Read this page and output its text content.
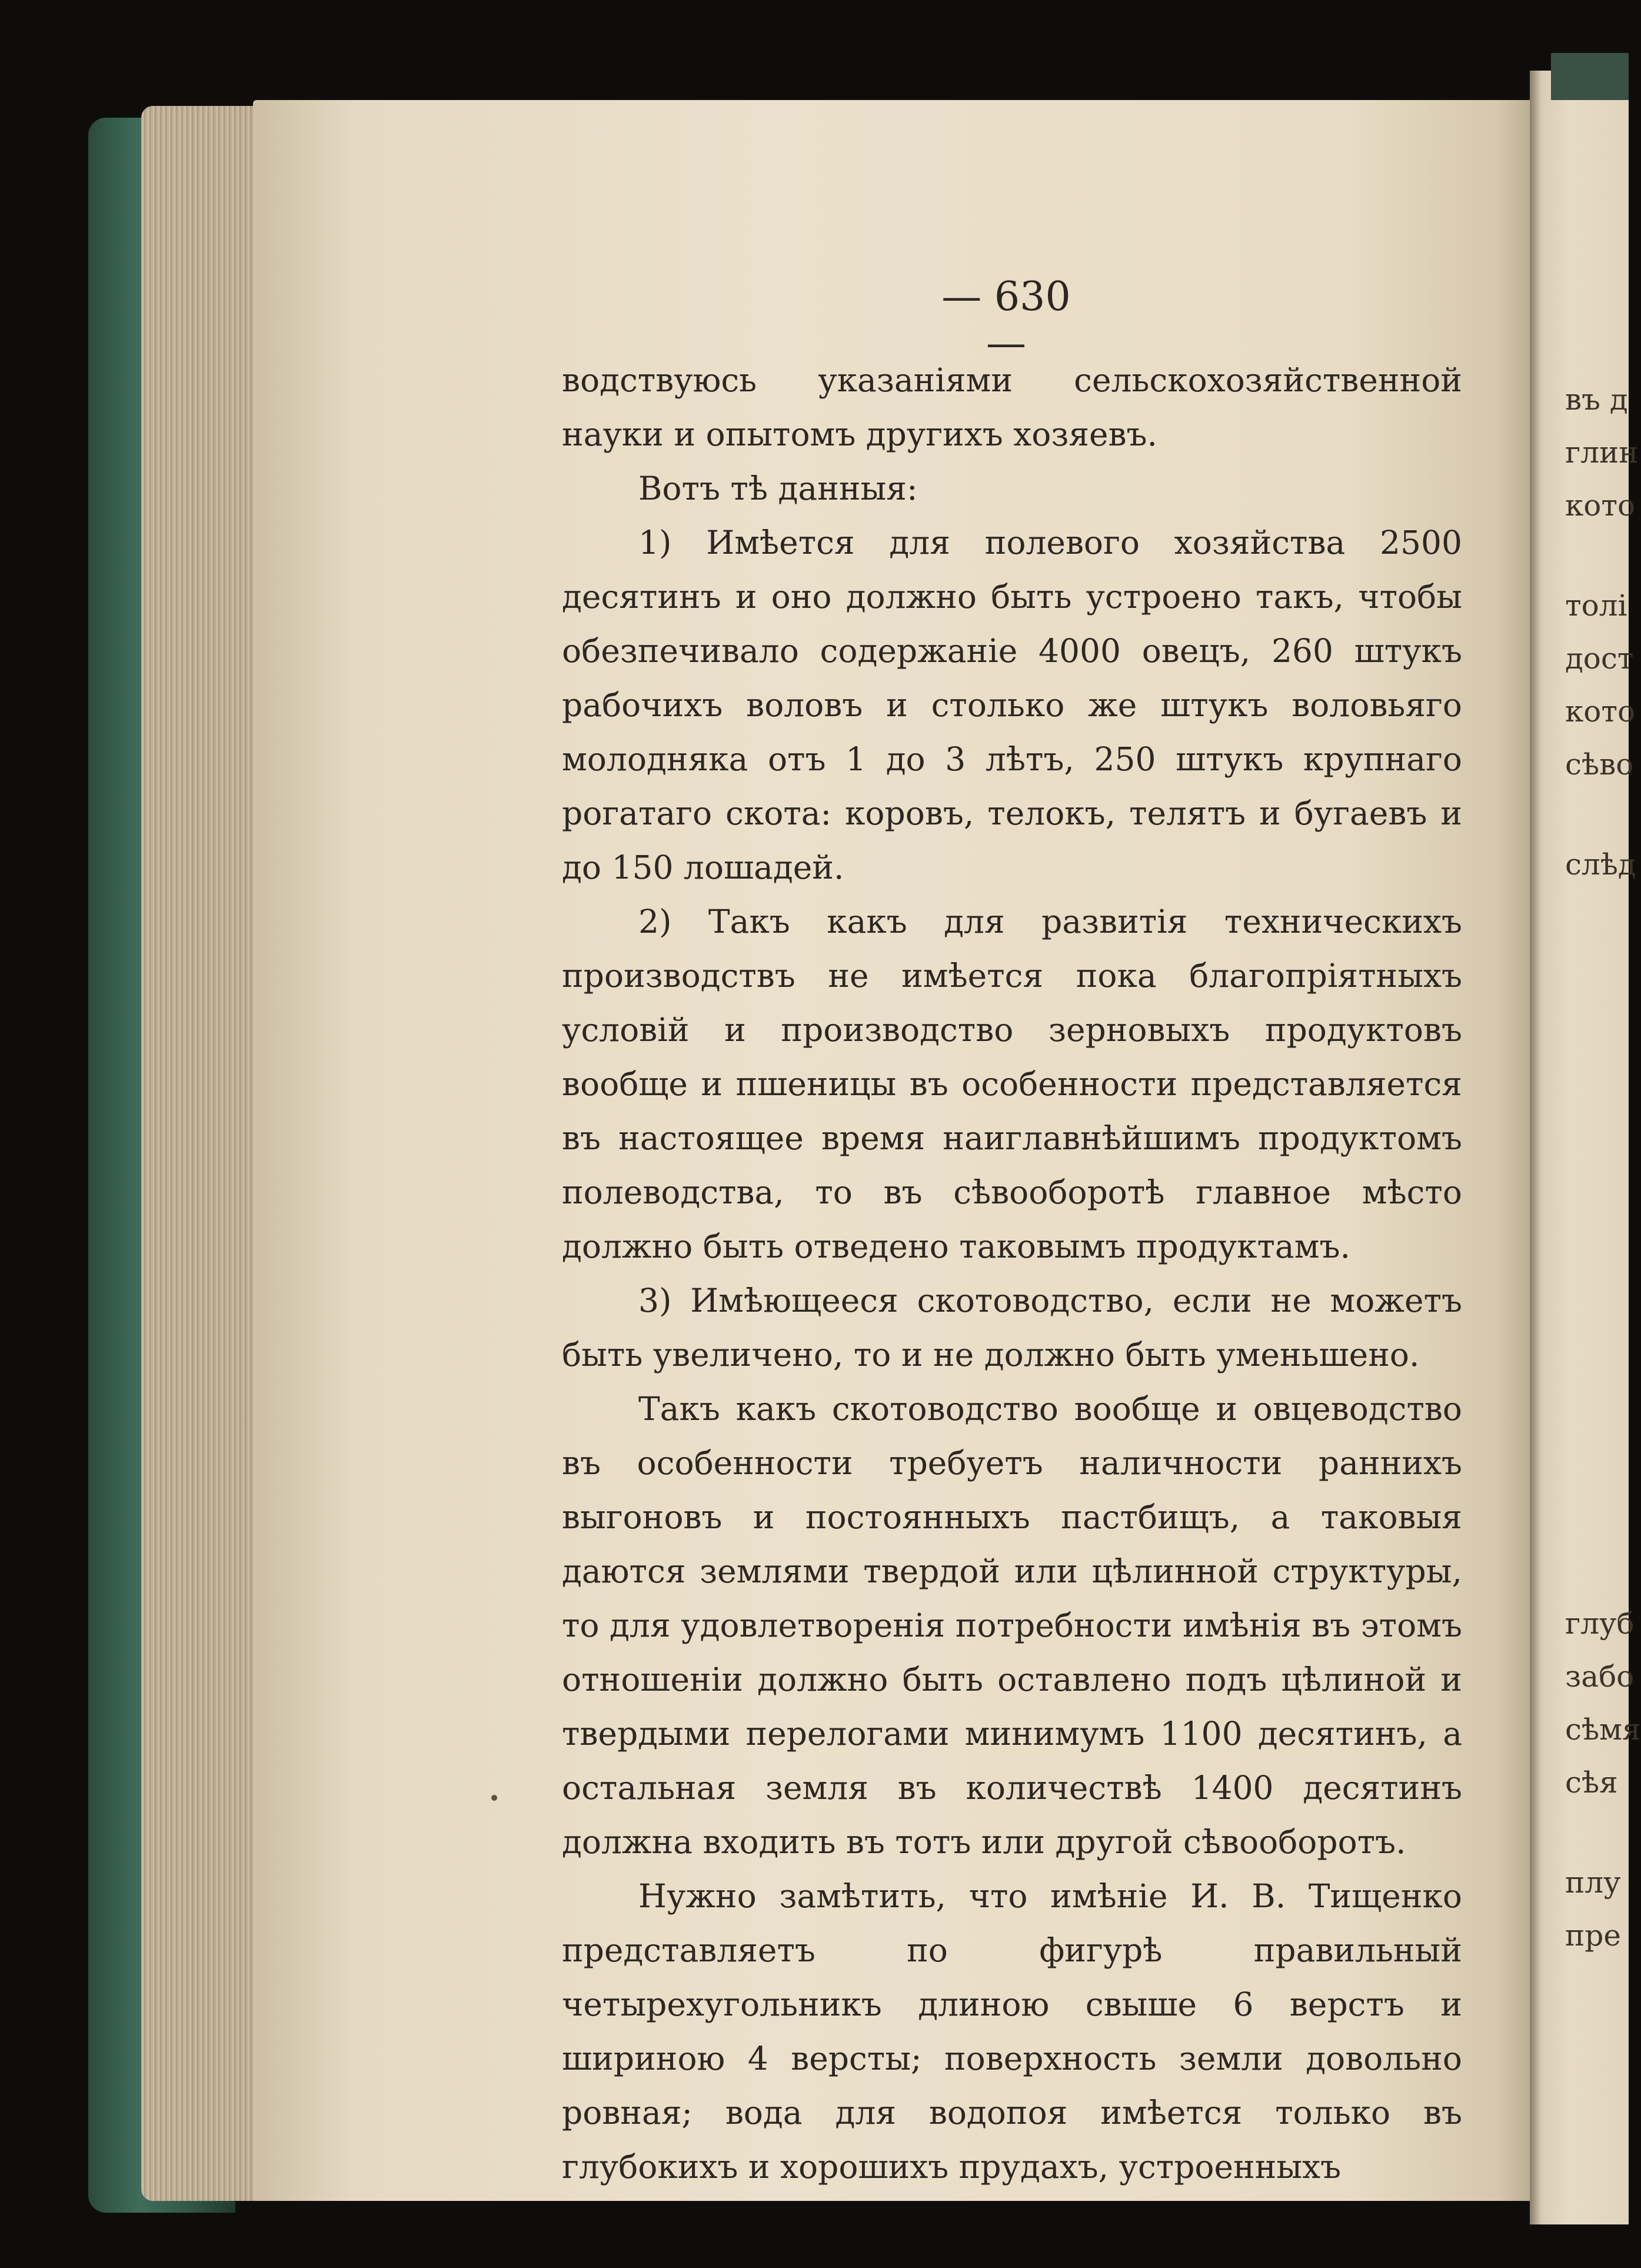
— 630 —

водствуюсь указаніями сельскохозяйственной науки и опытомъ другихъ хозяевъ.

Вотъ тѣ данныя:

1) Имѣется для полевого хозяйства 2500 десятинъ и оно должно быть устроено такъ, чтобы обезпечивало содержаніе 4000 овецъ, 260 штукъ рабочихъ воловъ и столько же штукъ воловьяго молодняка отъ 1 до 3 лѣтъ, 250 штукъ крупнаго рогатаго скота: коровъ, телокъ, телятъ и бугаевъ и до 150 лошадей.

2) Такъ какъ для развитія техническихъ производствъ не имѣется пока благопріятныхъ условій и производство зерновыхъ продуктовъ вообще и пшеницы въ особенности представляется въ настоящее время наиглавнѣйшимъ продуктомъ полеводства, то въ сѣвооборотѣ главное мѣсто должно быть отведено таковымъ продуктамъ.

3) Имѣющееся скотоводство, если не можетъ быть увеличено, то и не должно быть уменьшено.

Такъ какъ скотоводство вообще и овцеводство въ особенности требуетъ наличности раннихъ выгоновъ и постоянныхъ пастбищъ, а таковыя даются землями твердой или цѣлинной структуры, то для удовлетворенія потребности имѣнія въ этомъ отношеніи должно быть оставлено подъ цѣлиной и твердыми перелогами минимумъ 1100 десятинъ, а остальная земля въ количествѣ 1400 десятинъ должна входить въ тотъ или другой сѣвооборотъ.

Нужно замѣтить, что имѣніе И. В. Тищенко представляетъ по фигурѣ правильный четырехугольникъ длиною свыше 6 верстъ и шириною 4 версты; поверхность земли довольно ровная; вода для водопоя имѣется только въ глубокихъ и хорошихъ прудахъ, устроенныхъ

въ д
глин
кото
толі
дост
кото
сѣво
слѣд
глуб
забо
сѣмя
сѣя
плу
пре
